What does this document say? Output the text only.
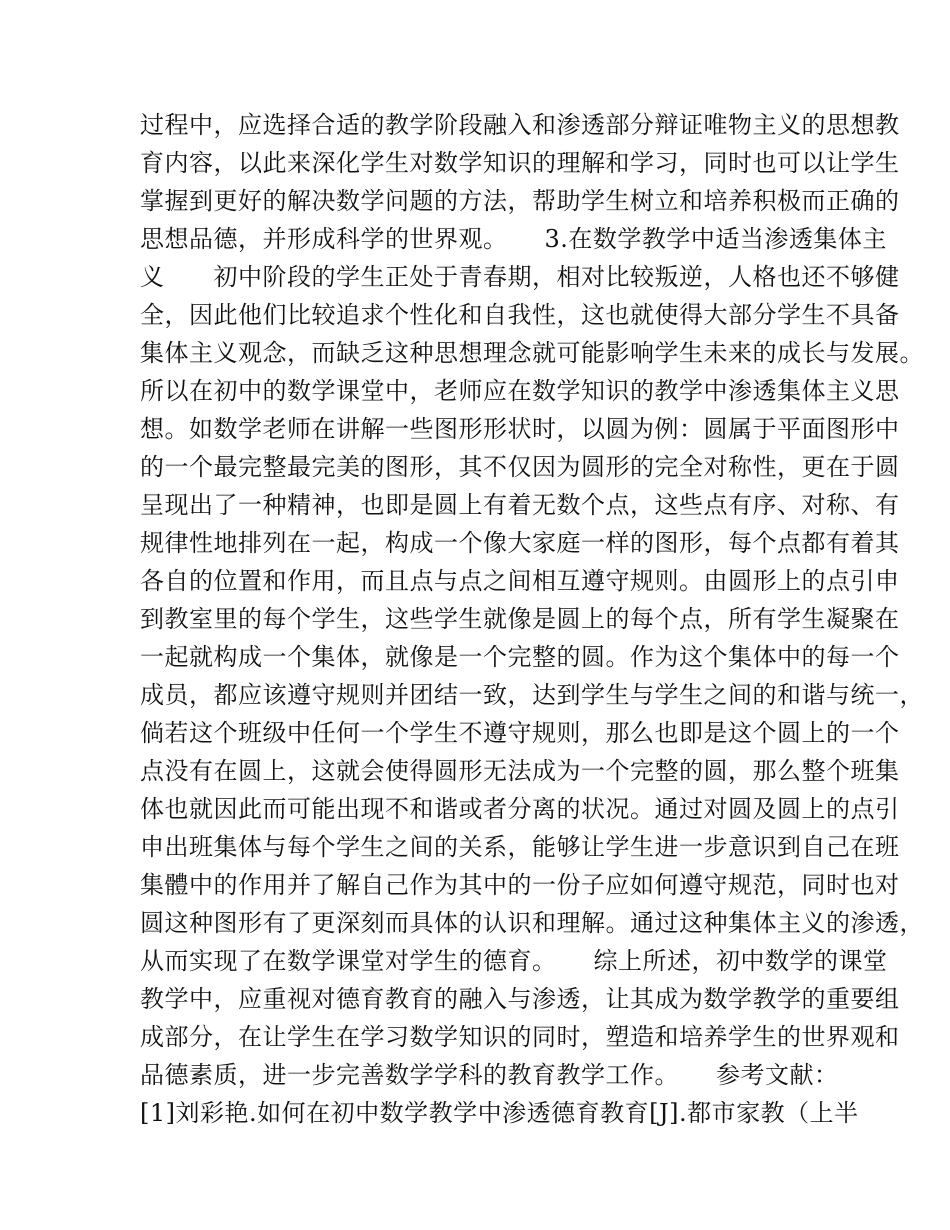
过程中，应选择合适的教学阶段融入和渗透部分辩证唯物主义的思想教
育内容，以此来深化学生对数学知识的理解和学习，同时也可以让学生
掌握到更好的解决数学问题的方法，帮助学生树立和培养积极而正确的
思想品德，并形成科学的世界观。　　3.在数学教学中适当渗透集体主
义　　初中阶段的学生正处于青春期，相对比较叛逆，人格也还不够健
全，因此他们比较追求个性化和自我性，这也就使得大部分学生不具备
集体主义观念，而缺乏这种思想理念就可能影响学生未来的成长与发展。
所以在初中的数学课堂中，老师应在数学知识的教学中渗透集体主义思
想。如数学老师在讲解一些图形形状时，以圆为例：圆属于平面图形中
的一个最完整最完美的图形，其不仅因为圆形的完全对称性，更在于圆
呈现出了一种精神，也即是圆上有着无数个点，这些点有序、对称、有
规律性地排列在一起，构成一个像大家庭一样的图形，每个点都有着其
各自的位置和作用，而且点与点之间相互遵守规则。由圆形上的点引申
到教室里的每个学生，这些学生就像是圆上的每个点，所有学生凝聚在
一起就构成一个集体，就像是一个完整的圆。作为这个集体中的每一个
成员，都应该遵守规则并团结一致，达到学生与学生之间的和谐与统一，
倘若这个班级中任何一个学生不遵守规则，那么也即是这个圆上的一个
点没有在圆上，这就会使得圆形无法成为一个完整的圆，那么整个班集
体也就因此而可能出现不和谐或者分离的状况。通过对圆及圆上的点引
申出班集体与每个学生之间的关系，能够让学生进一步意识到自己在班
集體中的作用并了解自己作为其中的一份子应如何遵守规范，同时也对
圆这种图形有了更深刻而具体的认识和理解。通过这种集体主义的渗透，
从而实现了在数学课堂对学生的德育。　　综上所述，初中数学的课堂
教学中，应重视对德育教育的融入与渗透，让其成为数学教学的重要组
成部分，在让学生在学习数学知识的同时，塑造和培养学生的世界观和
品德素质，进一步完善数学学科的教育教学工作。　　参考文献：
[1]刘彩艳.如何在初中数学教学中渗透德育教育[J].都市家教（上半
